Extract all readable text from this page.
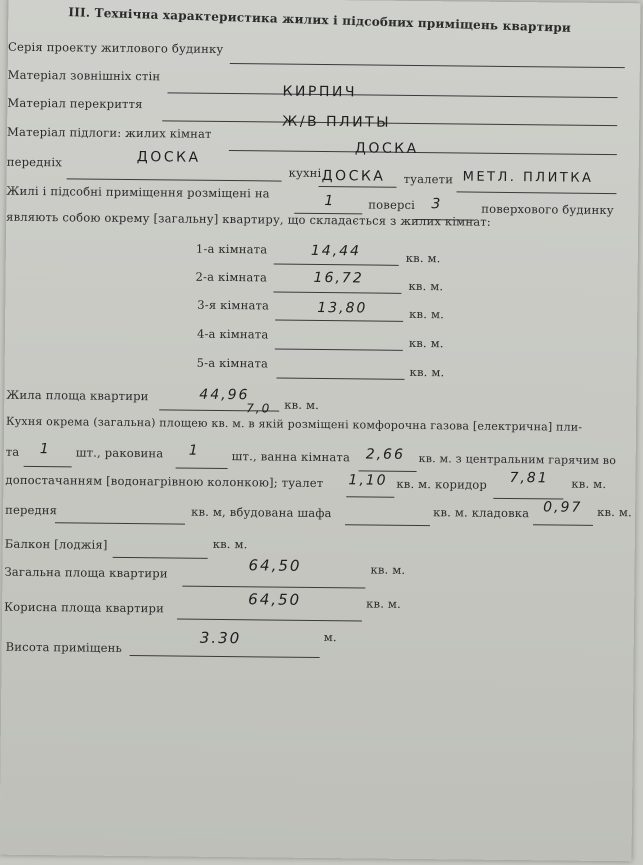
ІІІ. Технічна характеристика жилих і підсобних приміщень квартири
Серія проекту житлового будинку
Матеріал зовнішніх стін
КИРПИЧ
Матеріал перекриття
Ж/В ПЛИТЫ
Матеріал підлоги: жилих кімнат
ДОСКА
передніх	ДОСКА
кухні ДОСКА туалети МЕТЛ. ПЛИТКА
Жилі і підсобні приміщення розміщені на
1	поверсі 3	поверхового будинку
являють собою окрему [загальну] квартиру, що складається з жилих кімнат:
1-а кімната	14,44	кв. м.
2-а кімната	16,72	кв. м.
3-я кімната	13,80	кв. м.
4-а кімната
кв. м.
5-а кімната
кв. м.
Жила площа квартири	44,96
кв. м.
7,0
Кухня окрема (загальна) площею кв. м. в якій розміщені комфорочна газова [електрична] пли-
та 1 шт., раковина 1	шт., ванна кімната 2,66 кв. м. з центральним гарячим во
допостачанням [водонагрівною колонкою]; туалет 1,10 кв. м. коридор 7,81 кв. м.
передня	кв. м, вбудована шафа	кв. м. кладовка 0,97 кв. м.
Балкон [лоджія]	кв. м.
Загальна площа квартири	64,50	кв. м.
Корисна площа квартири	64,50	кв. м.
Висота приміщень
3.30	м.
